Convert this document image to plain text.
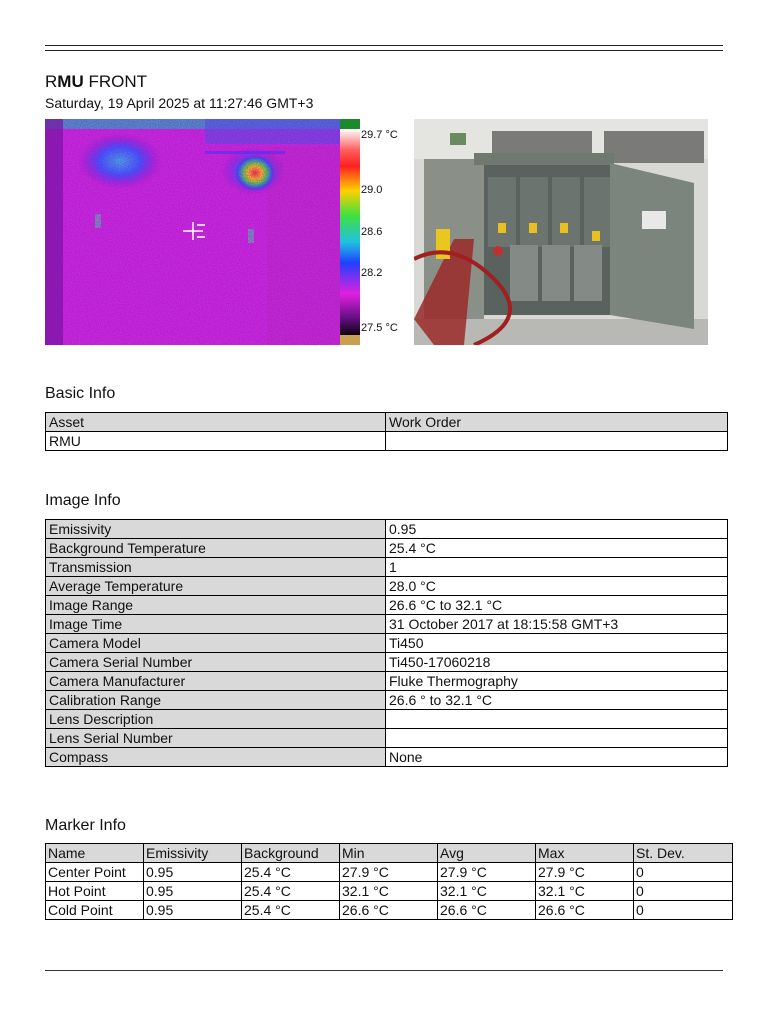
RMU FRONT
Saturday, 19 April 2025 at 11:27:46 GMT+3
29.7 °C
29.0
28.6
28.2
27.5 °C
Basic Info
Asset	Work Order
RMU	
Image Info
Emissivity	0.95
Background Temperature	25.4 °C
Transmission	1
Average Temperature	28.0 °C
Image Range	26.6 °C to 32.1 °C
Image Time	31 October 2017 at 18:15:58 GMT+3
Camera Model	Ti450
Camera Serial Number	Ti450-17060218
Camera Manufacturer	Fluke Thermography
Calibration Range	26.6 ° to 32.1 °C
Lens Description	
Lens Serial Number	
Compass	None
Marker Info
Name	Emissivity	Background	Min	Avg	Max	St. Dev.
Center Point	0.95	25.4 °C	27.9 °C	27.9 °C	27.9 °C	0
Hot Point	0.95	25.4 °C	32.1 °C	32.1 °C	32.1 °C	0
Cold Point	0.95	25.4 °C	26.6 °C	26.6 °C	26.6 °C	0
